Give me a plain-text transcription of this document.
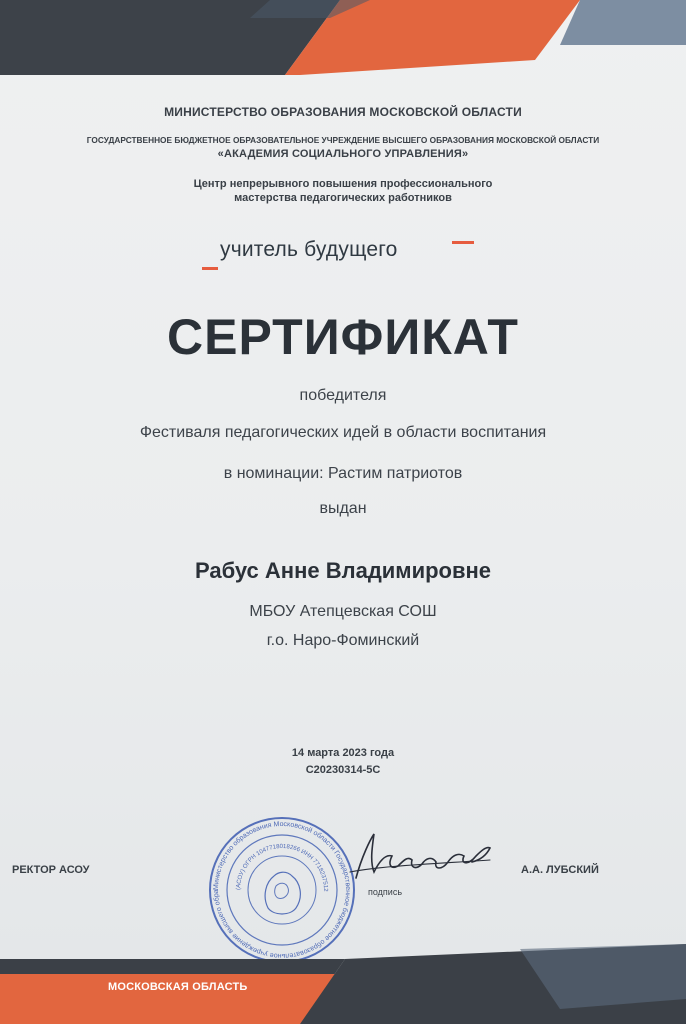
МИНИСТЕРСТВО ОБРАЗОВАНИЯ МОСКОВСКОЙ ОБЛАСТИ
ГОСУДАРСТВЕННОЕ БЮДЖЕТНОЕ ОБРАЗОВАТЕЛЬНОЕ УЧРЕЖДЕНИЕ ВЫСШЕГО ОБРАЗОВАНИЯ МОСКОВСКОЙ ОБЛАСТИ
«АКАДЕМИЯ СОЦИАЛЬНОГО УПРАВЛЕНИЯ»
Центр непрерывного повышения профессионального
мастерства педагогических работников
учитель будущего
СЕРТИФИКАТ
победителя
Фестиваля педагогических идей в области воспитания
в номинации: Растим патриотов
выдан
Рабус Анне Владимировне
МБОУ Атепцевская СОШ
г.о. Наро-Фоминский
14 марта 2023 года
С20230314-5С
РЕКТОР АСОУ
Министерство образования Московской области Государственное бюджетное образовательное учреждение высшего обра
(АСОУ) ОГРН 1047718018266 ИНН 7718237512	подпись
А.А. ЛУБСКИЙ
МОСКОВСКАЯ ОБЛАСТЬ
